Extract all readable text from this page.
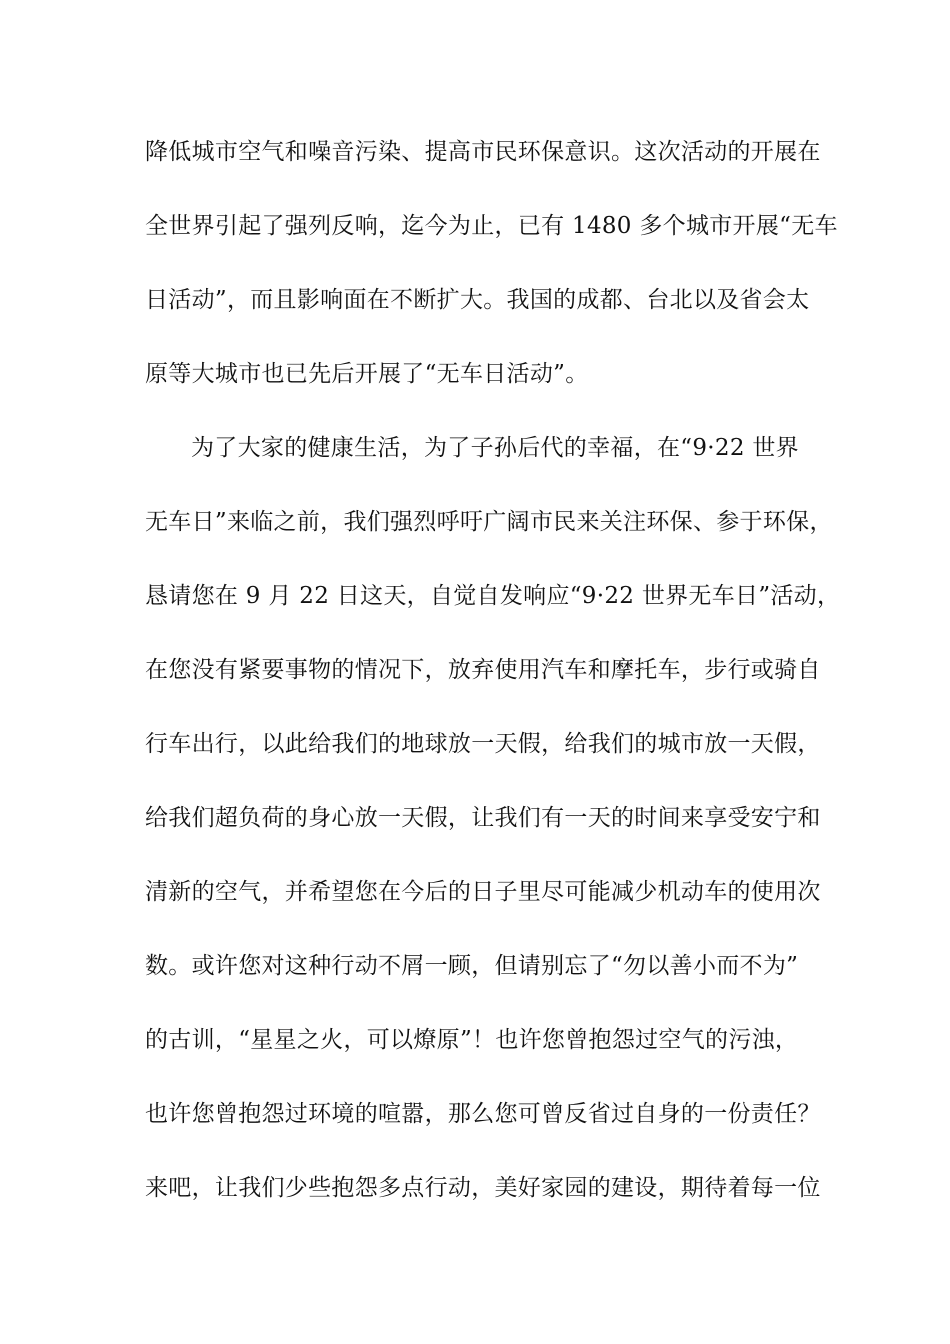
降低城市空气和噪音污染、提高市民环保意识。这次活动的开展在
全世界引起了强列反响，迄今为止，已有 1480 多个城市开展“无车
日活动”，而且影响面在不断扩大。我国的成都、台北以及省会太
原等大城市也已先后开展了“无车日活动”。
为了大家的健康生活，为了子孙后代的幸福，在“9·22 世界
无车日”来临之前，我们强烈呼吁广阔市民来关注环保、参于环保，
恳请您在 9 月 22 日这天，自觉自发响应“9·22 世界无车日”活动，
在您没有紧要事物的情况下，放弃使用汽车和摩托车，步行或骑自
行车出行，以此给我们的地球放一天假，给我们的城市放一天假，
给我们超负荷的身心放一天假，让我们有一天的时间来享受安宁和
清新的空气，并希望您在今后的日子里尽可能减少机动车的使用次
数。或许您对这种行动不屑一顾，但请别忘了“勿以善小而不为”
的古训，“星星之火，可以燎原”！也许您曾抱怨过空气的污浊，
也许您曾抱怨过环境的喧嚣，那么您可曾反省过自身的一份责任？
来吧，让我们少些抱怨多点行动，美好家园的建设，期待着每一位
